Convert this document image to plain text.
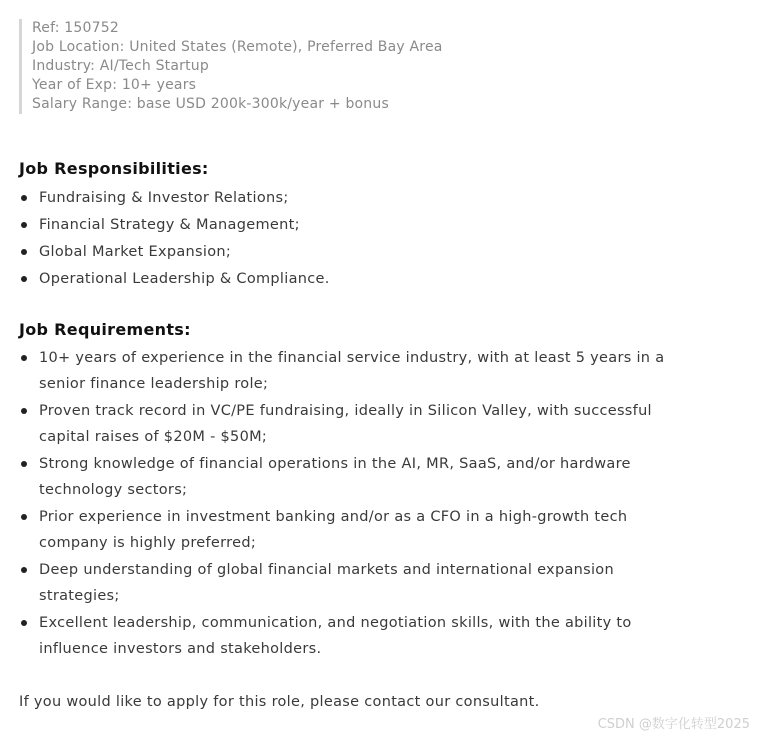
Ref: 150752
Job Location: United States (Remote), Preferred Bay Area
Industry: AI/Tech Startup
Year of Exp: 10+ years
Salary Range: base USD 200k-300k/year + bonus
Job Responsibilities:
Fundraising & Investor Relations;
Financial Strategy & Management;
Global Market Expansion;
Operational Leadership & Compliance.
Job Requirements:
10+ years of experience in the financial service industry, with at least 5 years in a
senior finance leadership role;
Proven track record in VC/PE fundraising, ideally in Silicon Valley, with successful
capital raises of $20M - $50M;
Strong knowledge of financial operations in the AI, MR, SaaS, and/or hardware
technology sectors;
Prior experience in investment banking and/or as a CFO in a high-growth tech
company is highly preferred;
Deep understanding of global financial markets and international expansion
strategies;
Excellent leadership, communication, and negotiation skills, with the ability to
influence investors and stakeholders.
If you would like to apply for this role, please contact our consultant.
CSDN @数字化转型2025
